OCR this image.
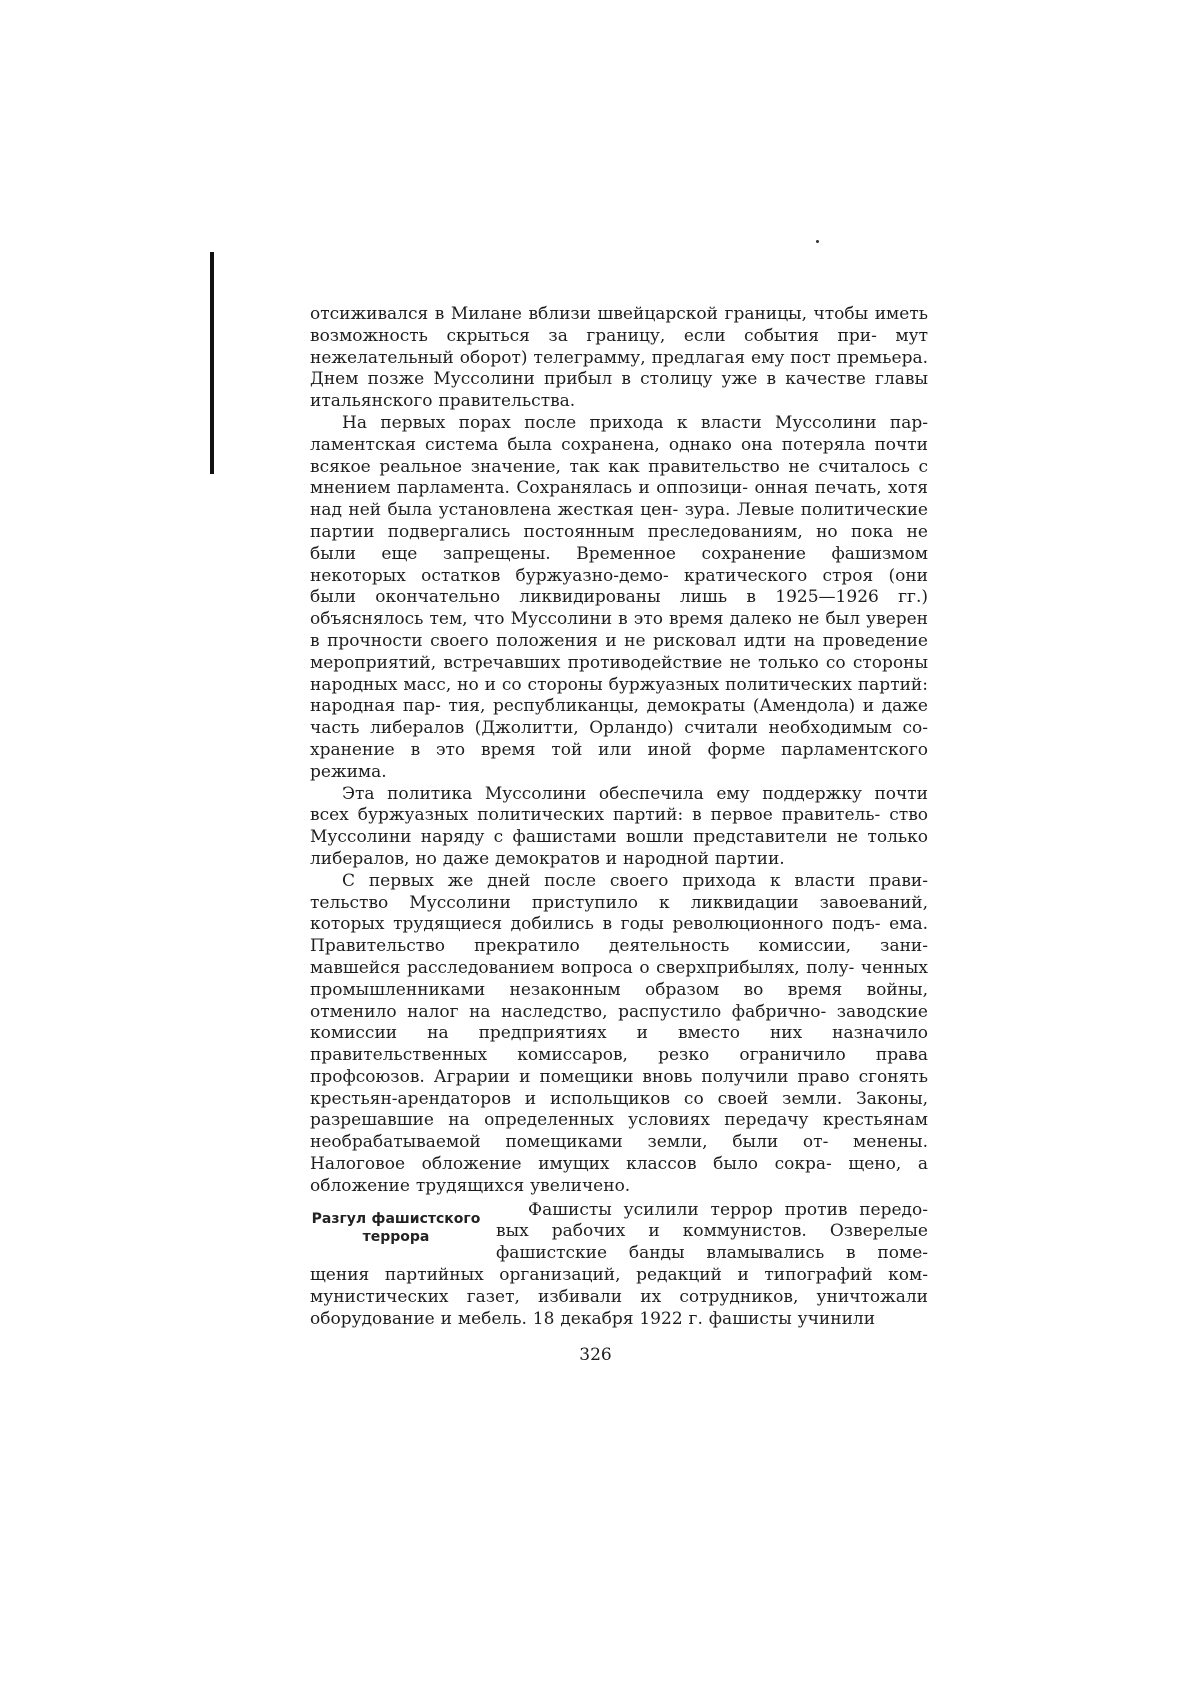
отсиживался в Милане вблизи швейцарской границы, чтобы иметь возможность скрыться за границу, если события при- мут нежелательный оборот) телеграмму, предлагая ему пост премьера. Днем позже Муссолини прибыл в столицу уже в качестве главы итальянского правительства.

На первых порах после прихода к власти Муссолини пар- ламентская система была сохранена, однако она потеряла почти всякое реальное значение, так как правительство не считалось с мнением парламента. Сохранялась и оппозици- онная печать, хотя над ней была установлена жесткая цен- зура. Левые политические партии подвергались постоянным преследованиям, но пока не были еще запрещены. Временное сохранение фашизмом некоторых остатков буржуазно-демо- кратического строя (они были окончательно ликвидированы лишь в 1925—1926 гг.) объяснялось тем, что Муссолини в это время далеко не был уверен в прочности своего положения и не рисковал идти на проведение мероприятий, встречавших противодействие не только со стороны народных масс, но и со стороны буржуазных политических партий: народная пар- тия, республиканцы, демократы (Амендола) и даже часть либералов (Джолитти, Орландо) считали необходимым со- хранение в это время той или иной форме парламентского режима.

Эта политика Муссолини обеспечила ему поддержку почти всех буржуазных политических партий: в первое правитель- ство Муссолини наряду с фашистами вошли представители не только либералов, но даже демократов и народной партии.

С первых же дней после своего прихода к власти прави- тельство Муссолини приступило к ликвидации завоеваний, которых трудящиеся добились в годы революционного подъ- ема. Правительство прекратило деятельность комиссии, зани- мавшейся расследованием вопроса о сверхприбылях, полу- ченных промышленниками незаконным образом во время войны, отменило налог на наследство, распустило фабрично- заводские комиссии на предприятиях и вместо них назначило правительственных комиссаров, резко ограничило права профсоюзов. Аграрии и помещики вновь получили право сгонять крестьян-арендаторов и испольщиков со своей земли. Законы, разрешавшие на определенных условиях передачу крестьянам необрабатываемой помещиками земли, были от- менены. Налоговое обложение имущих классов было сокра- щено, а обложение трудящихся увеличено.

Разгул фашистского
террора

Фашисты усилили террор против передо- вых рабочих и коммунистов. Озверелые фашистские банды вламывались в поме- щения партийных организаций, редакций и типографий ком- мунистических газет, избивали их сотрудников, уничтожали оборудование и мебель. 18 декабря 1922 г. фашисты учинили

326
